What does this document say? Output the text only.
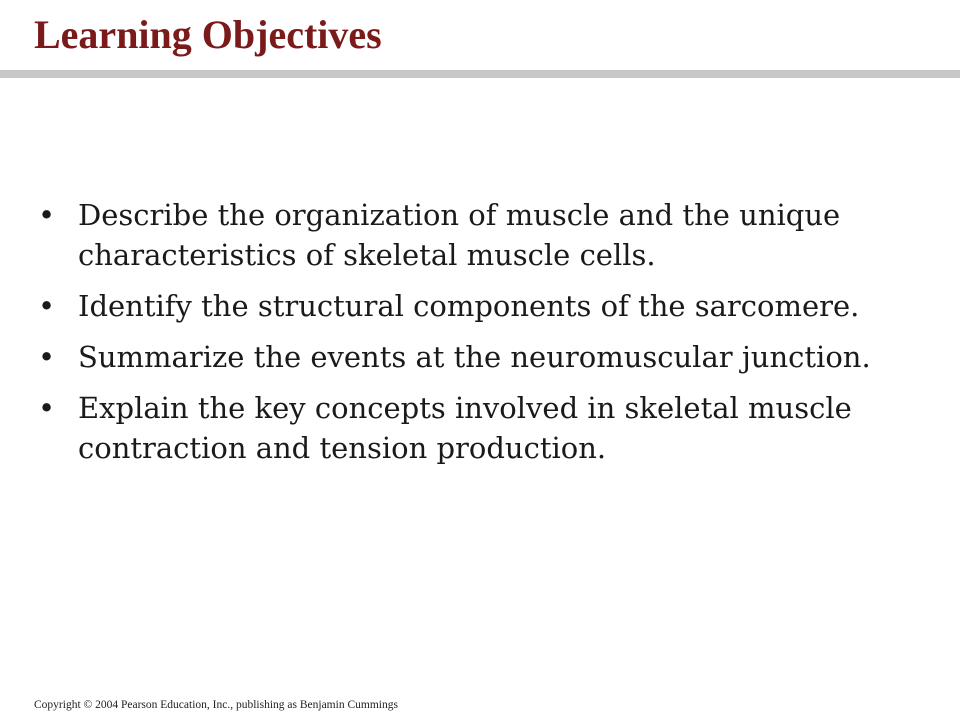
Learning Objectives
• Describe the organization of muscle and the unique characteristics of skeletal muscle cells.
• Identify the structural components of the sarcomere.
• Summarize the events at the neuromuscular junction.
• Explain the key concepts involved in skeletal muscle contraction and tension production.
Copyright © 2004 Pearson Education, Inc., publishing as Benjamin Cummings
